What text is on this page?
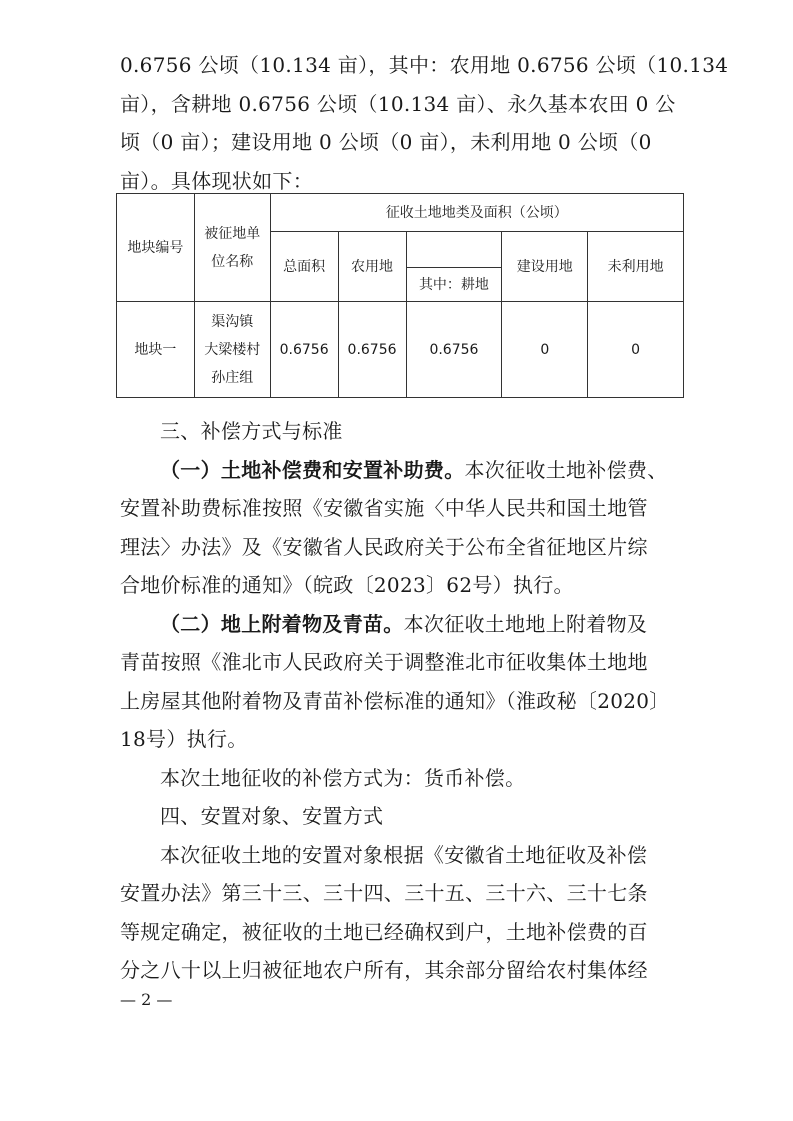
0.6756 公顷（10.134 亩），其中：农用地 0.6756 公顷（10.134
亩），含耕地 0.6756 公顷（10.134 亩）、永久基本农田 0 公
顷（0 亩）；建设用地 0 公顷（0 亩），未利用地 0 公顷（0
亩）。具体现状如下：
地块编号	被征地单
位名称	征收土地地类及面积（公顷）				
		总面积	农用地		建设用地	未利用地
				其中：耕地		
地块一	渠沟镇
大梁楼村
孙庄组	0.6756	0.6756	0.6756	0	0
三、补偿方式与标准
（一）土地补偿费和安置补助费。本次征收土地补偿费、
安置补助费标准按照《安徽省实施〈中华人民共和国土地管
理法〉办法》及《安徽省人民政府关于公布全省征地区片综
合地价标准的通知》（皖政〔2023〕62号）执行。
（二）地上附着物及青苗。本次征收土地地上附着物及
青苗按照《淮北市人民政府关于调整淮北市征收集体土地地
上房屋其他附着物及青苗补偿标准的通知》（淮政秘〔2020〕
18号）执行。
本次土地征收的补偿方式为：货币补偿。
四、安置对象、安置方式
本次征收土地的安置对象根据《安徽省土地征收及补偿
安置办法》第三十三、三十四、三十五、三十六、三十七条
等规定确定，被征收的土地已经确权到户，土地补偿费的百
分之八十以上归被征地农户所有，其余部分留给农村集体经
— 2 —
